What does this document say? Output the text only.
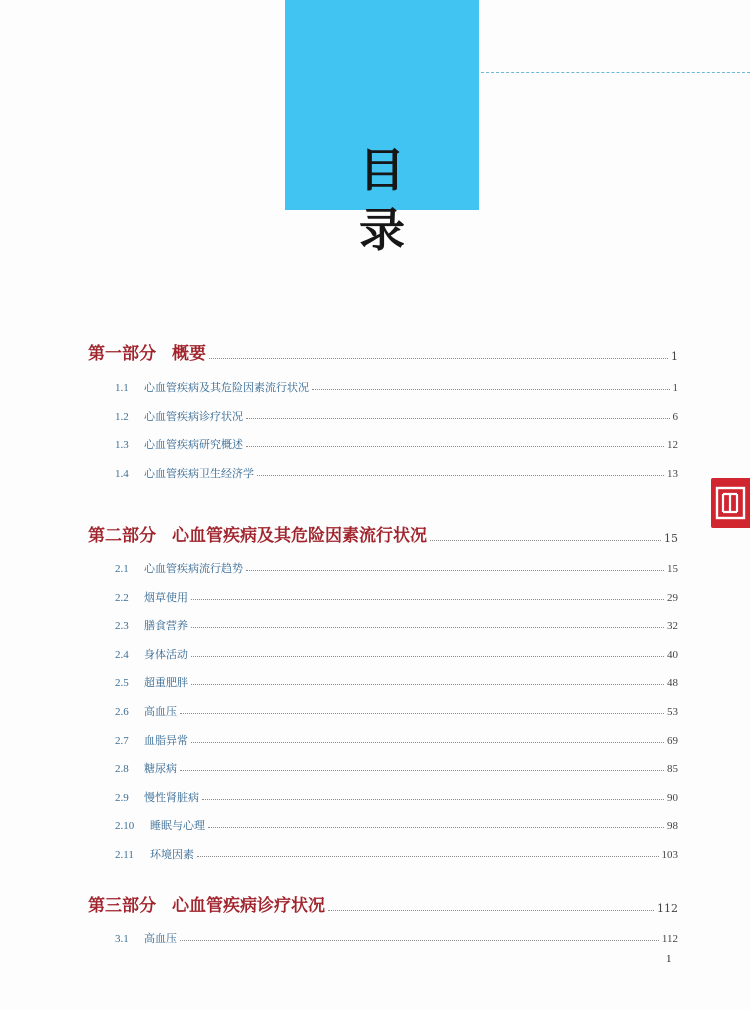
目 录
第一部分 概要	1
1.1	心血管疾病及其危险因素流行状况	1
1.2	心血管疾病诊疗状况	6
1.3	心血管疾病研究概述	12
1.4	心血管疾病卫生经济学	13
第二部分 心血管疾病及其危险因素流行状况	15
2.1	心血管疾病流行趋势	15
2.2	烟草使用	29
2.3	膳食营养	32
2.4	身体活动	40
2.5	超重肥胖	48
2.6	高血压	53
2.7	血脂异常	69
2.8	糖尿病	85
2.9	慢性肾脏病	90
2.10	睡眠与心理	98
2.11	环境因素	103
第三部分 心血管疾病诊疗状况	112
3.1	高血压	112
1
